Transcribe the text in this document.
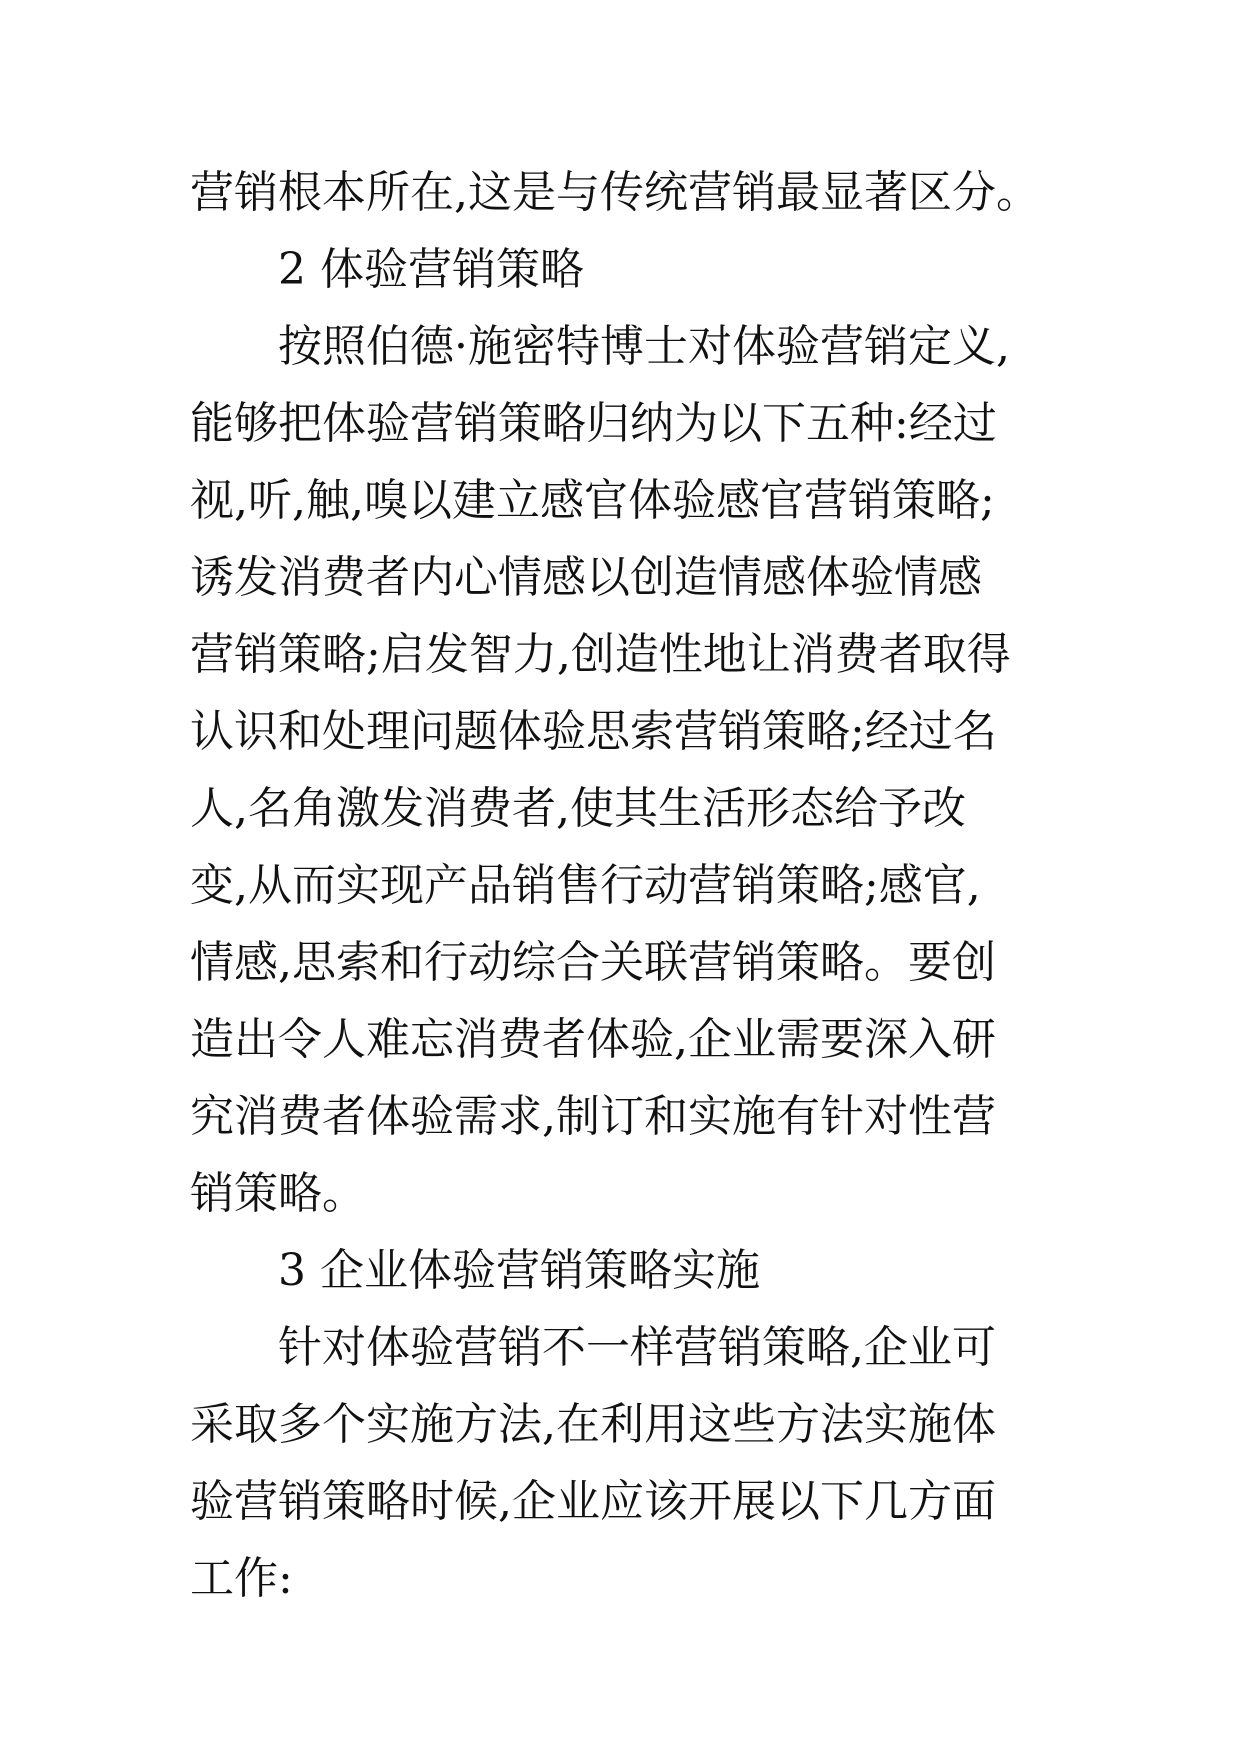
营销根本所在,这是与传统营销最显著区分。
2 体验营销策略
按照伯德·施密特博士对体验营销定义,
能够把体验营销策略归纳为以下五种:经过
视,听,触,嗅以建立感官体验感官营销策略;
诱发消费者内心情感以创造情感体验情感
营销策略;启发智力,创造性地让消费者取得
认识和处理问题体验思索营销策略;经过名
人,名角激发消费者,使其生活形态给予改
变,从而实现产品销售行动营销策略;感官,
情感,思索和行动综合关联营销策略。要创
造出令人难忘消费者体验,企业需要深入研
究消费者体验需求,制订和实施有针对性营
销策略。
3 企业体验营销策略实施
针对体验营销不一样营销策略,企业可
采取多个实施方法,在利用这些方法实施体
验营销策略时候,企业应该开展以下几方面
工作:
